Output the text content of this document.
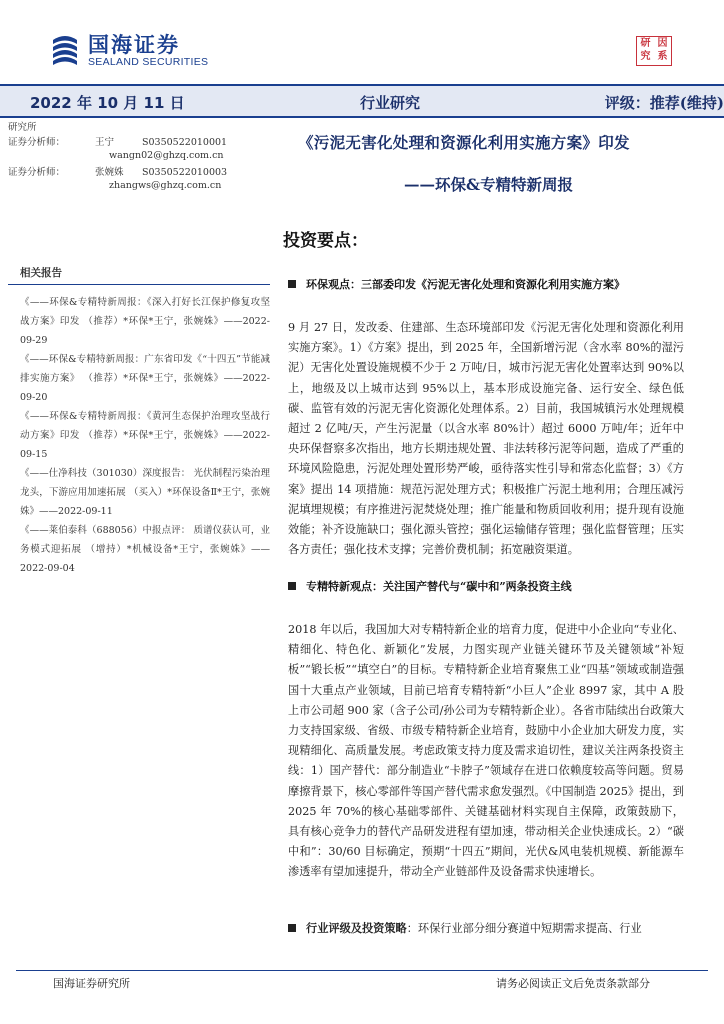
国海证券
SEALAND SECURITIES
研 因
究 系
2022 年 10 月 11 日	行业研究	评级：推荐(维持)
研究所
证券分析师：	王宁	S0350522010001
wangn02@ghzq.com.cn
证券分析师：	张婉姝	S0350522010003
zhangws@ghzq.com.cn
相关报告
《——环保&专精特新周报：《深入打好长江保护修复攻坚战方案》印发 （推荐）*环保*王宁，张婉姝》——2022-09-29
《——环保&专精特新周报：广东省印发《“十四五”节能减排实施方案》 （推荐）*环保*王宁，张婉姝》——2022-09-20
《——环保&专精特新周报：《黄河生态保护治理攻坚战行动方案》印发 （推荐）*环保*王宁，张婉姝》——2022-09-15
《——仕净科技（301030）深度报告： 光伏制程污染治理龙头，下游应用加速拓展 （买入）*环保设备Ⅱ*王宁，张婉姝》——2022-09-11
《——莱伯泰科（688056）中报点评： 质谱仪获认可，业务模式迎拓展 （增持）*机械设备*王宁，张婉姝》——2022-09-04
《污泥无害化处理和资源化利用实施方案》印发
——环保&专精特新周报
投资要点：
环保观点：三部委印发《污泥无害化处理和资源化利用实施方案》
9 月 27 日，发改委、住建部、生态环境部印发《污泥无害化处理和资源化利用实施方案》。1）《方案》提出，到 2025 年，全国新增污泥（含水率 80%的湿污泥）无害化处置设施规模不少于 2 万吨/日，城市污泥无害化处置率达到 90%以上，地级及以上城市达到 95%以上，基本形成设施完备、运行安全、绿色低碳、监管有效的污泥无害化资源化处理体系。2）目前，我国城镇污水处理规模超过 2 亿吨/天，产生污泥量（以含水率 80%计）超过 6000 万吨/年；近年中央环保督察多次指出，地方长期违规处置、非法转移污泥等问题，造成了严重的环境风险隐患，污泥处理处置形势严峻，亟待落实性引导和常态化监督；3）《方案》提出 14 项措施：规范污泥处理方式；积极推广污泥土地利用；合理压减污泥填埋规模；有序推进污泥焚烧处理；推广能量和物质回收利用；提升现有设施效能；补齐设施缺口；强化源头管控；强化运输储存管理；强化监督管理；压实各方责任；强化技术支撑；完善价费机制；拓宽融资渠道。
专精特新观点：关注国产替代与“碳中和”两条投资主线
2018 年以后，我国加大对专精特新企业的培育力度，促进中小企业向“专业化、精细化、特色化、新颖化”发展，力图实现产业链关键环节及关键领域“补短板”“锻长板”“填空白”的目标。专精特新企业培育聚焦工业“四基”领域或制造强国十大重点产业领域，目前已培育专精特新“小巨人”企业 8997 家，其中 A 股上市公司超 900 家（含子公司/孙公司为专精特新企业）。各省市陆续出台政策大力支持国家级、省级、市级专精特新企业培育，鼓励中小企业加大研发力度，实现精细化、高质量发展。考虑政策支持力度及需求追切性，建议关注两条投资主线：1）国产替代：部分制造业“卡脖子”领域存在进口依赖度较高等问题。贸易摩擦背景下，核心零部件等国产替代需求愈发强烈。《中国制造 2025》提出，到 2025 年 70%的核心基础零部件、关键基础材料实现自主保障，政策鼓励下，具有核心竞争力的替代产品研发进程有望加速，带动相关企业快速成长。2）“碳中和”：30/60 目标确定，预期“十四五”期间，光伏&风电装机规模、新能源车渗透率有望加速提升，带动全产业链部件及设备需求快速增长。
行业评级及投资策略：环保行业部分细分赛道中短期需求提高、行业
国海证券研究所	请务必阅读正文后免责条款部分
